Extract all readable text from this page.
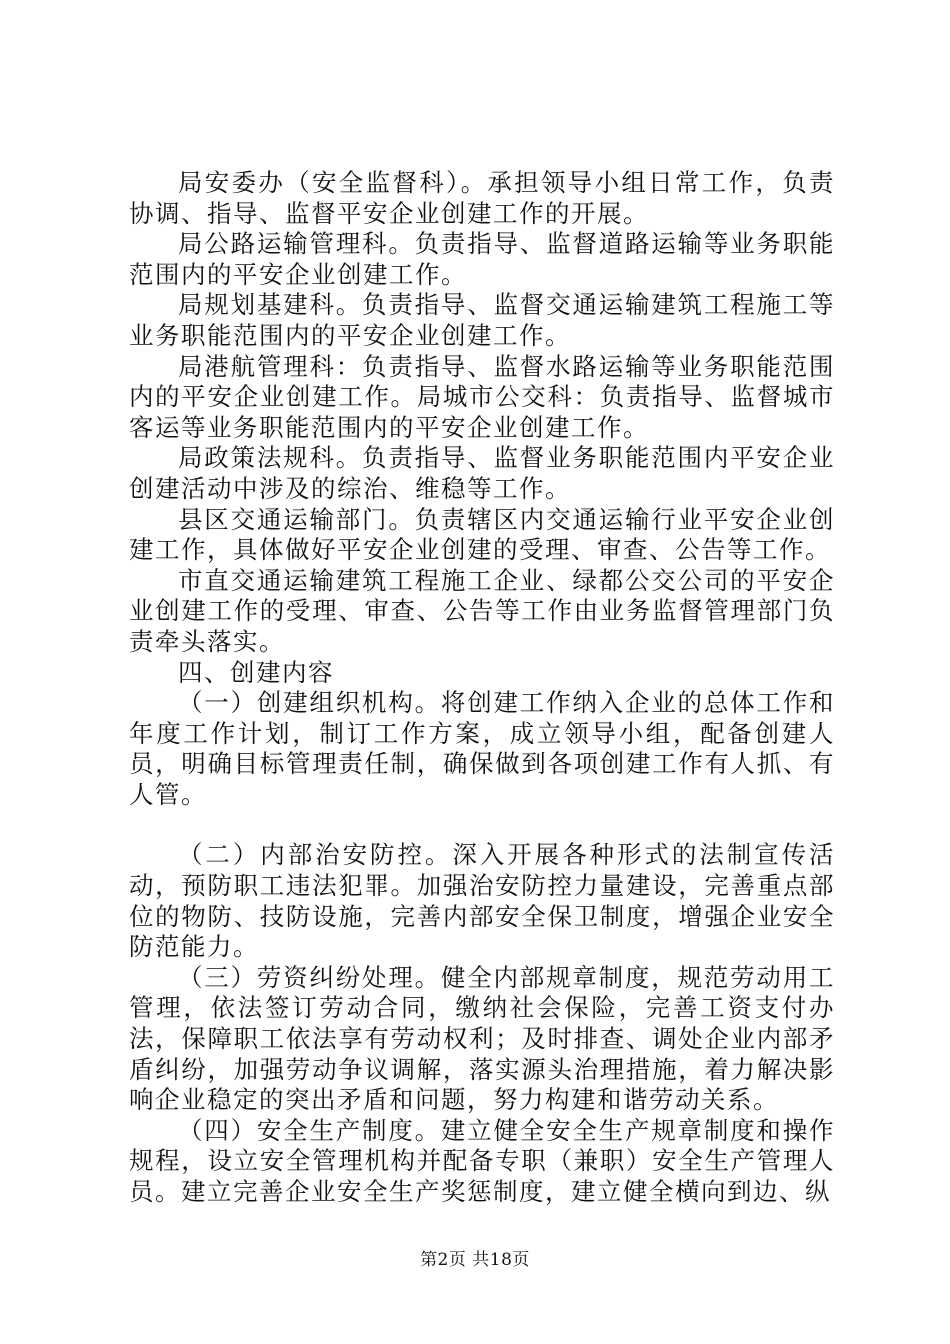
局安委办（安全监督科）。承担领导小组日常工作，负责协调、指导、监督平安企业创建工作的开展。

局公路运输管理科。负责指导、监督道路运输等业务职能范围内的平安企业创建工作。

局规划基建科。负责指导、监督交通运输建筑工程施工等业务职能范围内的平安企业创建工作。

局港航管理科：负责指导、监督水路运输等业务职能范围内的平安企业创建工作。局城市公交科：负责指导、监督城市客运等业务职能范围内的平安企业创建工作。

局政策法规科。负责指导、监督业务职能范围内平安企业创建活动中涉及的综治、维稳等工作。

县区交通运输部门。负责辖区内交通运输行业平安企业创建工作，具体做好平安企业创建的受理、审查、公告等工作。

市直交通运输建筑工程施工企业、绿都公交公司的平安企业创建工作的受理、审查、公告等工作由业务监督管理部门负责牵头落实。

四、创建内容

（一）创建组织机构。将创建工作纳入企业的总体工作和年度工作计划，制订工作方案，成立领导小组，配备创建人员，明确目标管理责任制，确保做到各项创建工作有人抓、有人管。

（二）内部治安防控。深入开展各种形式的法制宣传活动，预防职工违法犯罪。加强治安防控力量建设，完善重点部位的物防、技防设施，完善内部安全保卫制度，增强企业安全防范能力。

（三）劳资纠纷处理。健全内部规章制度，规范劳动用工管理，依法签订劳动合同，缴纳社会保险，完善工资支付办法，保障职工依法享有劳动权利；及时排查、调处企业内部矛盾纠纷，加强劳动争议调解，落实源头治理措施，着力解决影响企业稳定的突出矛盾和问题，努力构建和谐劳动关系。

（四）安全生产制度。建立健全安全生产规章制度和操作规程，设立安全管理机构并配备专职（兼职）安全生产管理人员。建立完善企业安全生产奖惩制度，建立健全横向到边、纵

第2页 共18页
